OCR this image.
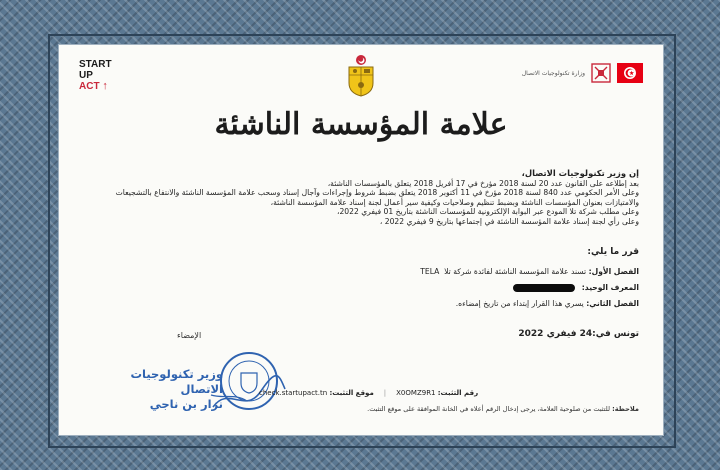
START
UP
ACT ↑
وزارة تكنولوجيات الاتصال
علامة المؤسسة الناشئة
إن وزير تكنولوجيات الاتصال،
بعد إطلاعه على القانون عدد 20 لسنة 2018 مؤرخ في 17 أفريل 2018 يتعلق بالمؤسسات الناشئة،
وعلى الأمر الحكومي عدد 840 لسنة 2018 مؤرخ في 11 أكتوبر 2018 يتعلق بضبط شروط وإجراءات وآجال إسناد وسحب علامة المؤسسة الناشئة والانتفاع بالتشجيعات
والامتيازات بعنوان المؤسسات الناشئة وبضبط تنظيم وصلاحيات وكيفية سير أعمال لجنة إسناد علامة المؤسسة الناشئة،
وعلى مطلب شركة تلا المودع عبر البوابة الإلكترونية للمؤسسات الناشئة بتاريخ 01 فيفري 2022،
وعلى رأي لجنة إسناد علامة المؤسسة الناشئة في إجتماعها بتاريخ 9 فيفري 2022 ،
قرر ما يلي:

الفصل الأول: تسند علامة المؤسسة الناشئة لفائدة شركة تلا  TELA

المعرف الوحيد:

الفصل الثاني: يسري هذا القرار إبتداء من تاريخ إمضاءه.

تونس في:24 فيفري 2022
الإمضاء
وزير تكنولوجيات الاتصال
نزار بن ناجي
رقم التثبت: X0OMZ9R1
|
موقع التثبت: check.startupact.tn
ملاحظة: للتثبت من صلوحية العلامة، يرجى إدخال الرقم أعلاه في الخانة الموافقة على موقع التثبت.
